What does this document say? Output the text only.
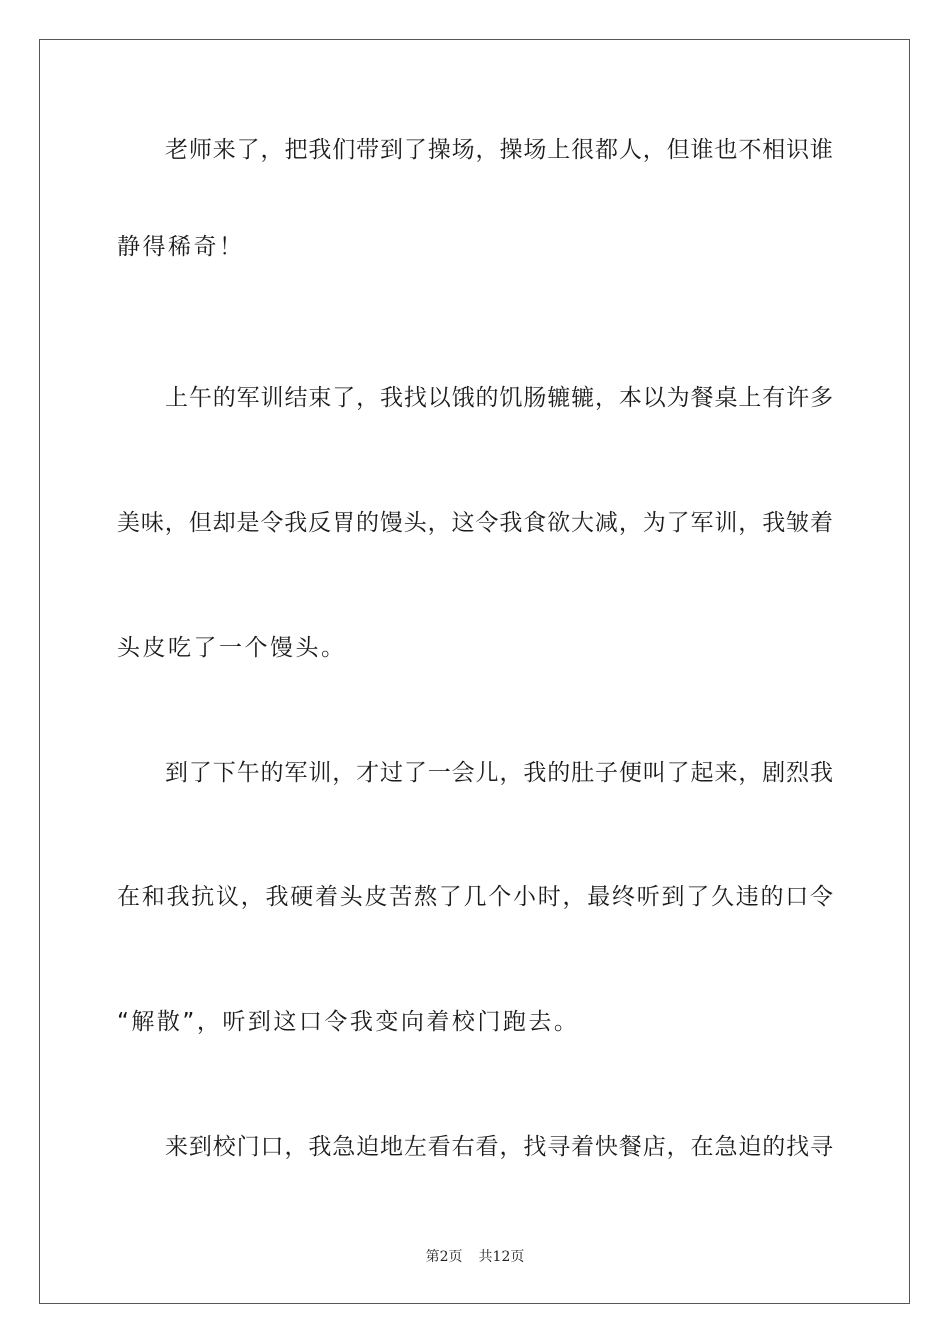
老师来了，把我们带到了操场，操场上很都人，但谁也不相识谁
静得稀奇！
上午的军训结束了，我找以饿的饥肠辘辘，本以为餐桌上有许多
美味，但却是令我反胃的馒头，这令我食欲大减，为了军训，我皱着
头皮吃了一个馒头。
到了下午的军训，才过了一会儿，我的肚子便叫了起来，剧烈我
在和我抗议，我硬着头皮苦熬了几个小时，最终听到了久违的口令
“解散”，听到这口令我变向着校门跑去。
来到校门口，我急迫地左看右看，找寻着快餐店，在急迫的找寻
第2页 共12页
